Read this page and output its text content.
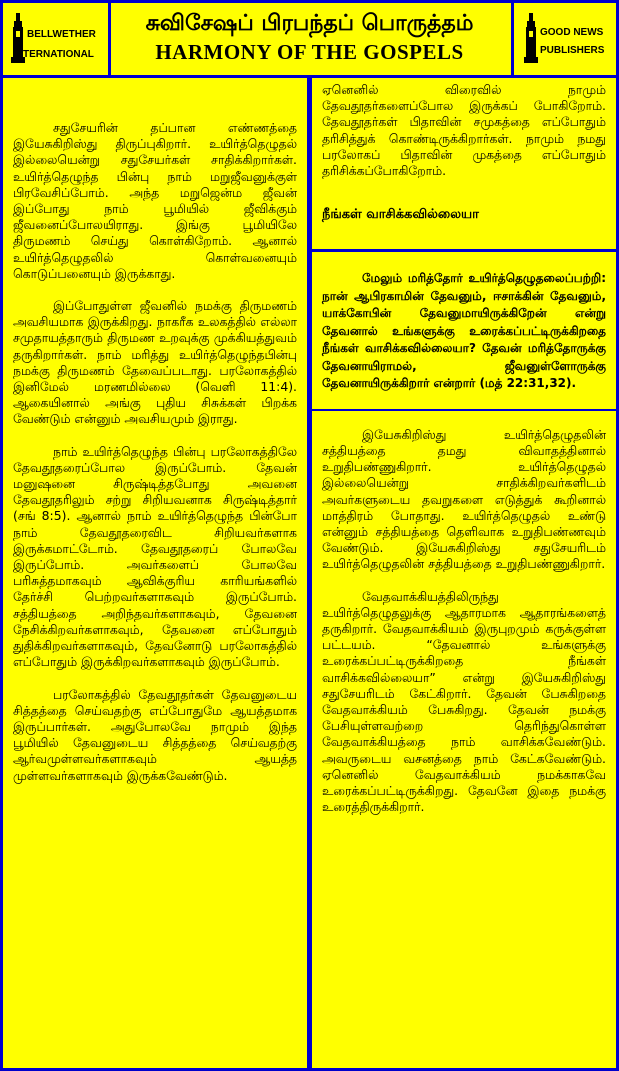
BELLWETHER
INTERNATIONAL
சுவிசேஷப் பிரபந்தப் பொருத்தம்
HARMONY OF THE GOSPELS
GOOD NEWS
PUBLISHERS

சதுசேயரின் தப்பான எண்ணத்தை இயேசுகிறிஸ்து திருப்புகிறார். உயிர்த்தெழுதல் இல்லையென்று சதுசேயர்கள் சாதிக்கிறார்கள். உயிர்த்தெழுந்த பின்பு நாம் மறுஜீவனுக்குள் பிரவேசிப்போம். அந்த மறுஜென்ம ஜீவன் இப்போது நாம் பூமியில் ஜீவிக்கும் ஜீவனைப்போலயிராது. இங்கு பூமியிலே திருமணம் செய்து கொள்கிறோம். ஆனால் உயிர்த்தெழுதலில் கொள்வனையும் கொடுப்பனையும் இருக்காது.

இப்போதுள்ள ஜீவனில் நமக்கு திருமணம் அவசியமாக இருக்கிறது. நாகரீக உலகத்தில் எல்லா சமுதாயத்தாரும் திருமண உறவுக்கு முக்கியத்துவம் தருகிறார்கள். நாம் மரித்து உயிர்த்தெழுந்தபின்பு நமக்கு திருமணம் தேவைப்படாது. பரலோகத்தில் இனிமேல் மரணமில்லை (வெளி 11:4). ஆகையினால் அங்கு புதிய சிசுக்கள் பிறக்க வேண்டும் என்னும் அவசியமும் இராது.

நாம் உயிர்த்தெழுந்த பின்பு பரலோகத்திலே தேவதூதரைப்போல இருப்போம். தேவன் மனுஷனை சிருஷ்டித்தபோது அவனை தேவதூதரிலும் சற்று சிறியவனாக சிருஷ்டித்தார் (சங் 8:5). ஆனால் நாம் உயிர்த்தெழுந்த பின்போ நாம் தேவதூதரைவிட சிறியவர்களாக இருக்கமாட்டோம். தேவதூதரைப் போலவே இருப்போம். அவர்களைப் போலவே பரிசுத்தமாகவும் ஆவிக்குரிய காரியங்களில் தேர்ச்சி பெற்றவர்களாகவும் இருப்போம். சத்தியத்தை அறிந்தவர்களாகவும், தேவனை நேசிக்கிறவர்களாகவும், தேவனை எப்போதும் துதிக்கிறவர்களாகவும், தேவனோடு பரலோகத்தில் எப்போதும் இருக்கிறவர்களாகவும் இருப்போம்.

பரலோகத்தில் தேவதூதர்கள் தேவனுடைய சித்தத்தை செய்வதற்கு எப்போதுமே ஆயத்தமாக இருப்பார்கள். அதுபோலவே நாமும் இந்த பூமியில் தேவனுடைய சித்தத்தை செய்வதற்கு ஆர்வமுள்ளவர்களாகவும் ஆயத்த முள்ளவர்களாகவும் இருக்கவேண்டும்.

ஏனெனில் விரைவில் நாமும் தேவதூதர்களைப்போல இருக்கப் போகிறோம். தேவதூதர்கள் பிதாவின் சமுகத்தை எப்போதும் தரிசித்துக் கொண்டிருக்கிறார்கள். நாமும் நமது பரலோகப் பிதாவின் முகத்தை எப்போதும் தரிசிக்கப்போகிறோம்.

நீங்கள் வாசிக்கவில்லையா

மேலும் மரித்தோர் உயிர்த்தெழுதலைப்பற்றி: நான் ஆபிரகாமின் தேவனும், ஈசாக்கின் தேவனும், யாக்கோபின் தேவனுமாயிருக்கிறேன் என்று தேவனால் உங்களுக்கு உரைக்கப்பட்டிருக்கிறதை நீங்கள் வாசிக்கவில்லையா? தேவன் மரித்தோருக்கு தேவனாயிராமல், ஜீவனுள்ளோருக்கு தேவனாயிருக்கிறார் என்றார் (மத் 22:31,32).

இயேசுகிறிஸ்து உயிர்த்தெழுதலின் சத்தியத்தை தமது விவாதத்தினால் உறுதிபண்ணுகிறார். உயிர்த்தெழுதல் இல்லையென்று சாதிக்கிறவர்களிடம் அவர்களுடைய தவறுகளை எடுத்துக் கூறினால் மாத்திரம் போதாது. உயிர்த்தெழுதல் உண்டு என்னும் சத்தியத்தை தெளிவாக உறுதிபண்ணவும் வேண்டும். இயேசுகிறிஸ்து சதுசேயரிடம் உயிர்த்தெழுதலின் சத்தியத்தை உறுதிபண்ணுகிறார்.

வேதவாக்கியத்திலிருந்து உயிர்த்தெழுதலுக்கு ஆதாரமாக ஆதாரங்களைத் தருகிறார். வேதவாக்கியம் இருபுறமும் கருக்குள்ள பட்டயம். “தேவனால் உங்களுக்கு உரைக்கப்பட்டிருக்கிறதை நீங்கள் வாசிக்கவில்லையா” என்று இயேசுகிறிஸ்து சதுசேயரிடம் கேட்கிறார். தேவன் பேசுகிறதை வேதவாக்கியம் பேசுகிறது. தேவன் நமக்கு பேசியுள்ளவற்றை தெரிந்துகொள்ள வேதவாக்கியத்தை நாம் வாசிக்கவேண்டும். அவருடைய வசனத்தை நாம் கேட்கவேண்டும். ஏனெனில் வேதவாக்கியம் நமக்காகவே உரைக்கப்பட்டிருக்கிறது. தேவனே இதை நமக்கு உரைத்திருக்கிறார்.
